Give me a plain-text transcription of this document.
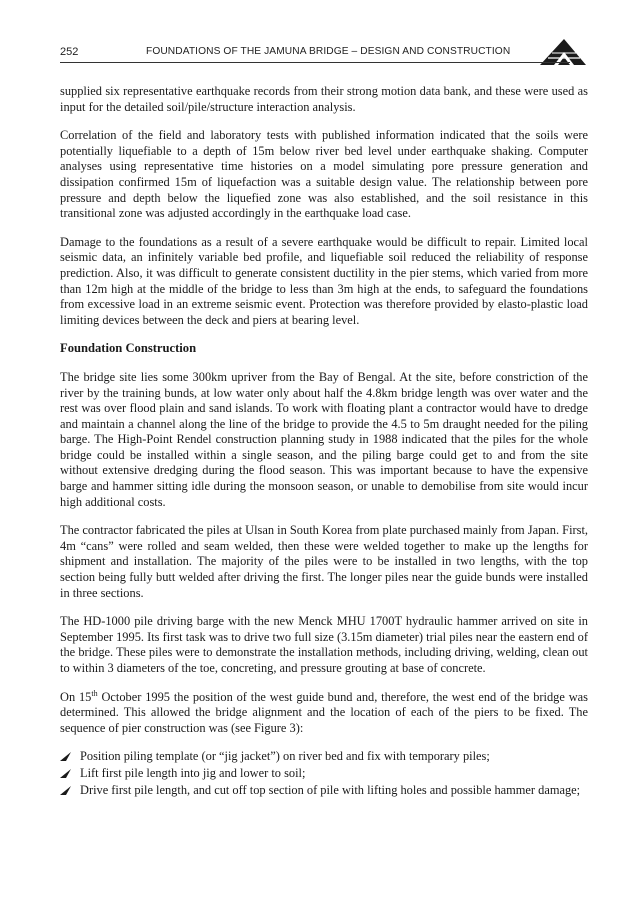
252	FOUNDATIONS OF THE JAMUNA BRIDGE – DESIGN AND CONSTRUCTION

supplied six representative earthquake records from their strong motion data bank, and these were used as input for the detailed soil/pile/structure interaction analysis.

Correlation of the field and laboratory tests with published information indicated that the soils were potentially liquefiable to a depth of 15m below river bed level under earthquake shaking. Computer analyses using representative time histories on a model simulating pore pressure generation and dissipation confirmed 15m of liquefaction was a suitable design value. The relationship between pore pressure and depth below the liquefied zone was also established, and the soil resistance in this transitional zone was adjusted accordingly in the earthquake load case.

Damage to the foundations as a result of a severe earthquake would be difficult to repair. Limited local seismic data, an infinitely variable bed profile, and liquefiable soil reduced the reliability of response prediction. Also, it was difficult to generate consistent ductility in the pier stems, which varied from more than 12m high at the middle of the bridge to less than 3m high at the ends, to safeguard the foundations from excessive load in an extreme seismic event. Protection was therefore provided by elasto-plastic load limiting devices between the deck and piers at bearing level.

Foundation Construction

The bridge site lies some 300km upriver from the Bay of Bengal. At the site, before constriction of the river by the training bunds, at low water only about half the 4.8km bridge length was over water and the rest was over flood plain and sand islands. To work with floating plant a contractor would have to dredge and maintain a channel along the line of the bridge to provide the 4.5 to 5m draught needed for the piling barge. The High-Point Rendel construction planning study in 1988 indicated that the piles for the whole bridge could be installed within a single season, and the piling barge could get to and from the site without extensive dredging during the flood season. This was important because to have the expensive barge and hammer sitting idle during the monsoon season, or unable to demobilise from site would incur high additional costs.

The contractor fabricated the piles at Ulsan in South Korea from plate purchased mainly from Japan. First, 4m “cans” were rolled and seam welded, then these were welded together to make up the lengths for shipment and installation. The majority of the piles were to be installed in two lengths, with the top section being fully butt welded after driving the first. The longer piles near the guide bunds were installed in three sections.

The HD-1000 pile driving barge with the new Menck MHU 1700T hydraulic hammer arrived on site in September 1995. Its first task was to drive two full size (3.15m diameter) trial piles near the eastern end of the bridge. These piles were to demonstrate the installation methods, including driving, welding, clean out to within 3 diameters of the toe, concreting, and pressure grouting at base of concrete.

On 15th October 1995 the position of the west guide bund and, therefore, the west end of the bridge was determined. This allowed the bridge alignment and the location of each of the piers to be fixed. The sequence of pier construction was (see Figure 3):

Position piling template (or “jig jacket”) on river bed and fix with temporary piles;
Lift first pile length into jig and lower to soil;
Drive first pile length, and cut off top section of pile with lifting holes and possible hammer damage;
